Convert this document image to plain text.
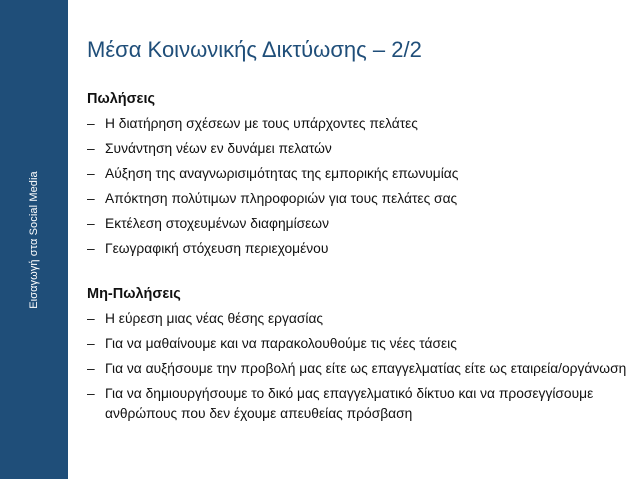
Εισαγωγή στα Social Media
Μέσα Κοινωνικής Δικτύωσης – 2/2

Πωλήσεις

– Η διατήρηση σχέσεων με τους υπάρχοντες πελάτες
– Συνάντηση νέων εν δυνάμει πελατών
– Αύξηση της αναγνωρισιμότητας της εμπορικής επωνυμίας
– Απόκτηση πολύτιμων πληροφοριών για τους πελάτες σας
– Εκτέλεση στοχευμένων διαφημίσεων
– Γεωγραφική στόχευση περιεχομένου

Μη-Πωλήσεις

– Η εύρεση μιας νέας θέσης εργασίας
– Για να μαθαίνουμε και να παρακολουθούμε τις νέες τάσεις
– Για να αυξήσουμε την προβολή μας είτε ως επαγγελματίας είτε ως εταιρεία/οργάνωση
– Για να δημιουργήσουμε το δικό μας επαγγελματικό δίκτυο και να προσεγγίσουμε ανθρώπους που δεν έχουμε απευθείας πρόσβαση
